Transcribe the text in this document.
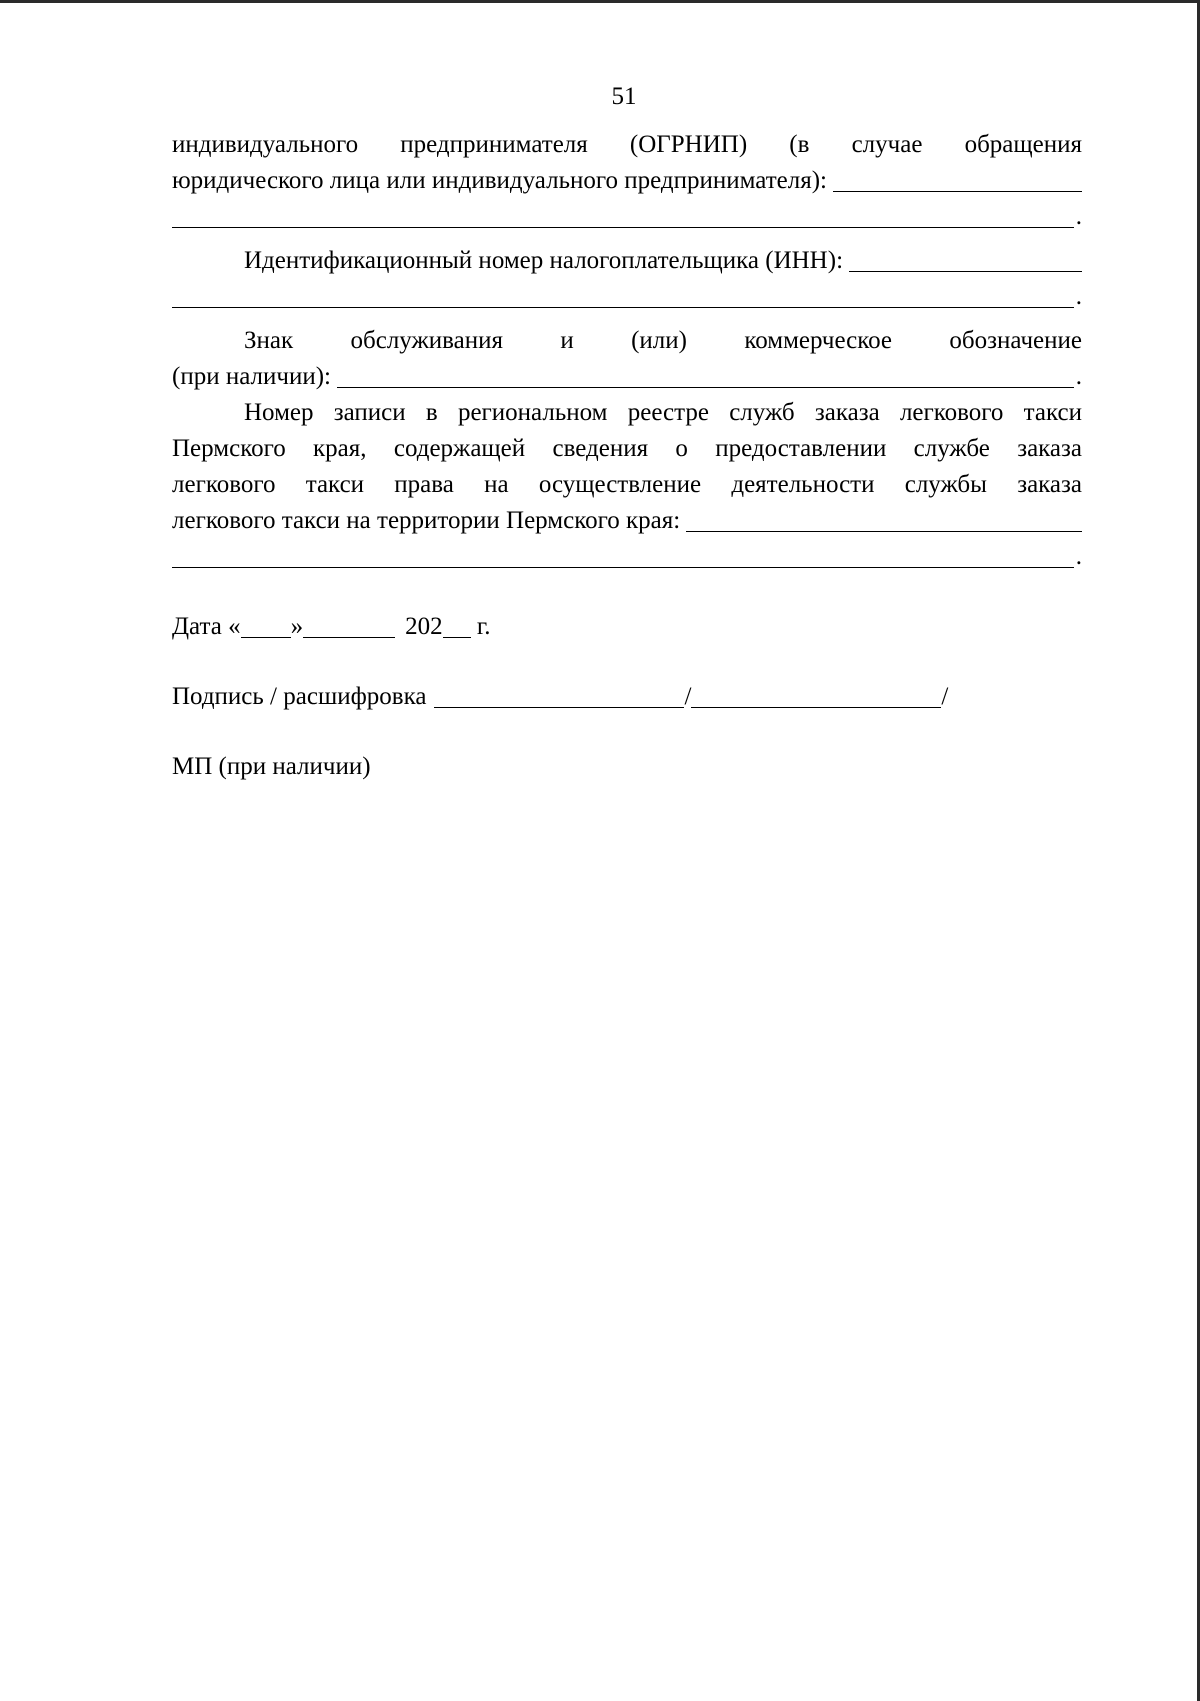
51

индивидуального предпринимателя (ОГРНИП) (в случае обращения

юридического лица или индивидуального предпринимателя):
.
Идентификационный номер налогоплательщика (ИНН):
.

Знак обслуживания и (или) коммерческое обозначение

(при наличии):	.

Номер записи в региональном реестре служб заказа легкового такси

Пермского края, содержащей сведения о предоставлении службе заказа

легкового такси права на осуществление деятельности службы заказа

легкового такси на территории Пермского края:
.
Дата « »	202 г.
Подпись / расшифровка	/	/
МП (при наличии)
